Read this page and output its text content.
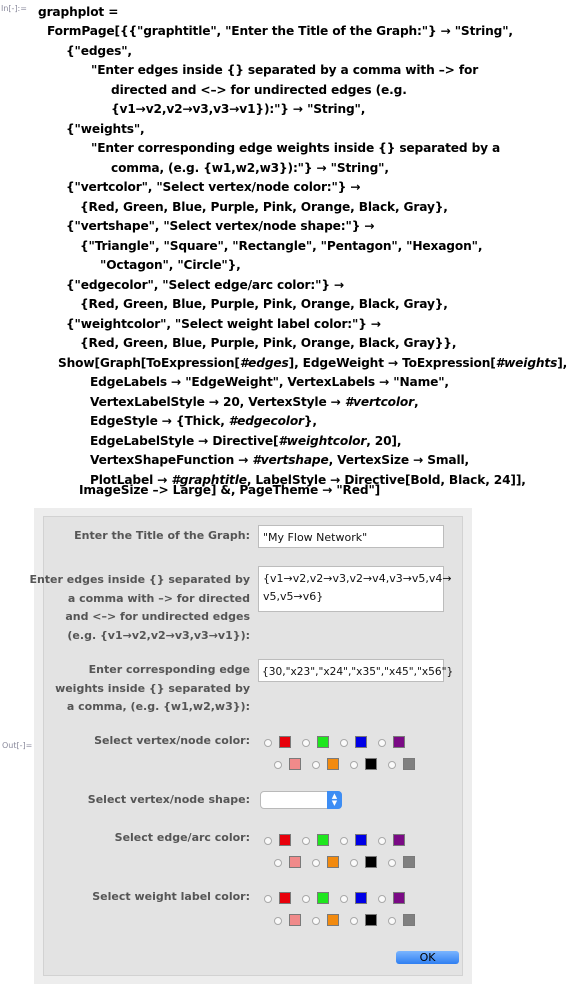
In[-]:= graphplot =
FormPage[{{"graphtitle", "Enter the Title of the Graph:"} → "String",
{"edges",
"Enter edges inside {} separated by a comma with –> for
directed and <–> for undirected edges (e.g.
{v1→v2,v2→v3,v3→v1}):"} → "String",
{"weights",
"Enter corresponding edge weights inside {} separated by a
comma, (e.g. {w1,w2,w3}):"} → "String",
{"vertcolor", "Select vertex/node color:"} →
{Red, Green, Blue, Purple, Pink, Orange, Black, Gray},
{"vertshape", "Select vertex/node shape:"} →
{"Triangle", "Square", "Rectangle", "Pentagon", "Hexagon",
"Octagon", "Circle"},
{"edgecolor", "Select edge/arc color:"} →
{Red, Green, Blue, Purple, Pink, Orange, Black, Gray},
{"weightcolor", "Select weight label color:"} →
{Red, Green, Blue, Purple, Pink, Orange, Black, Gray}},
Show[Graph[ToExpression[#edges], EdgeWeight → ToExpression[#weights],
EdgeLabels → "EdgeWeight", VertexLabels → "Name",
VertexLabelStyle → 20, VertexStyle → #vertcolor,
EdgeStyle → {Thick, #edgecolor},
EdgeLabelStyle → Directive[#weightcolor, 20],
VertexShapeFunction → #vertshape, VertexSize → Small,
PlotLabel → #graphtitle, LabelStyle → Directive[Bold, Black, 24]],
ImageSize –> Large] &, PageTheme → "Red"]
Out[-]=
Enter the Title of the Graph:	"My Flow Network"
Enter edges inside {} separated by
a comma with –> for directed
and <–> for undirected edges
(e.g. {v1→v2,v2→v3,v3→v1}):
{v1→v2,v2→v3,v2→v4,v3→v5,v4→
v5,v5→v6}
Enter corresponding edge
weights inside {} separated by
a comma, (e.g. {w1,w2,w3}):
{30,"x23","x24","x35","x45","x56"}
Select vertex/node color:
Select vertex/node shape:	▲
▼
Select edge/arc color:
Select weight label color:
OK
